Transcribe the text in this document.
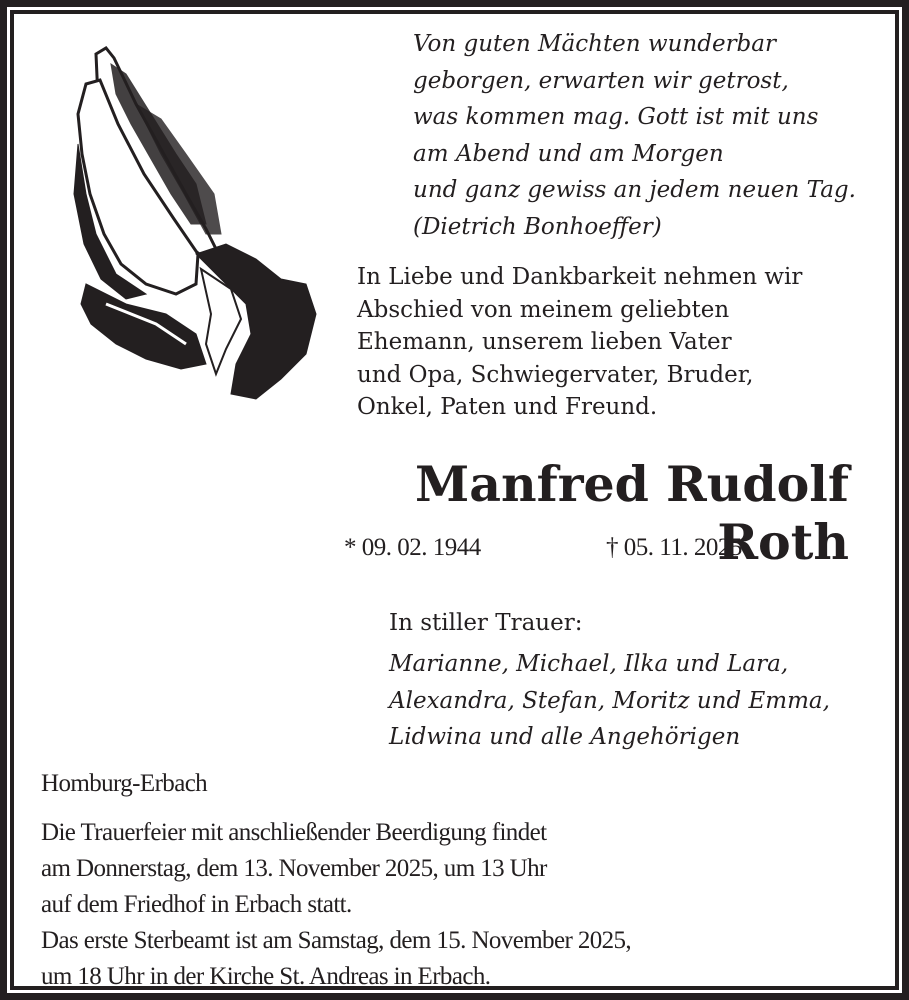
Von guten Mächten wunderbar
geborgen, erwarten wir getrost,
was kommen mag. Gott ist mit uns
am Abend und am Morgen
und ganz gewiss an jedem neuen Tag.
(Dietrich Bonhoeffer)
In Liebe und Dankbarkeit nehmen wir
Abschied von meinem geliebten
Ehemann, unserem lieben Vater
und Opa, Schwiegervater, Bruder,
Onkel, Paten und Freund.
Manfred Rudolf Roth
* 09. 02. 1944	† 05. 11. 2025
In stiller Trauer:
Marianne, Michael, Ilka und Lara,
Alexandra, Stefan, Moritz und Emma,
Lidwina und alle Angehörigen
Homburg-Erbach
Die Trauerfeier mit anschließender Beerdigung findet
am Donnerstag, dem 13. November 2025, um 13 Uhr
auf dem Friedhof in Erbach statt.
Das erste Sterbeamt ist am Samstag, dem 15. November 2025,
um 18 Uhr in der Kirche St. Andreas in Erbach.
